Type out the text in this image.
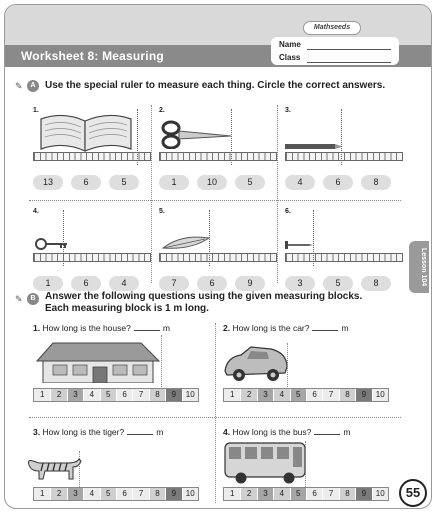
Worksheet 8: Measuring
Mathseeds
Name
Class
✎	A Use the special ruler to measure each thing. Circle the correct answers.
1.
13	6	5
2.
1	10	5
3.
4	6	8
4.
1	6	4
5.
7	6	9
6.
3	5	8	Lesson 104
✎	B Answer the following questions using the given measuring blocks.
Each measuring block is 1 m long.
1. How long is the house?	m
1	2	3	4	5	6	7	8	9	10
2. How long is the car?	m
1	2	3	4	5	6	7	8	9	10
3. How long is the tiger?	m
1	2	3	4	5	6	7	8	9	10
4. How long is the bus?	m
1	2	3	4	5	6	7	8	9	10	55
